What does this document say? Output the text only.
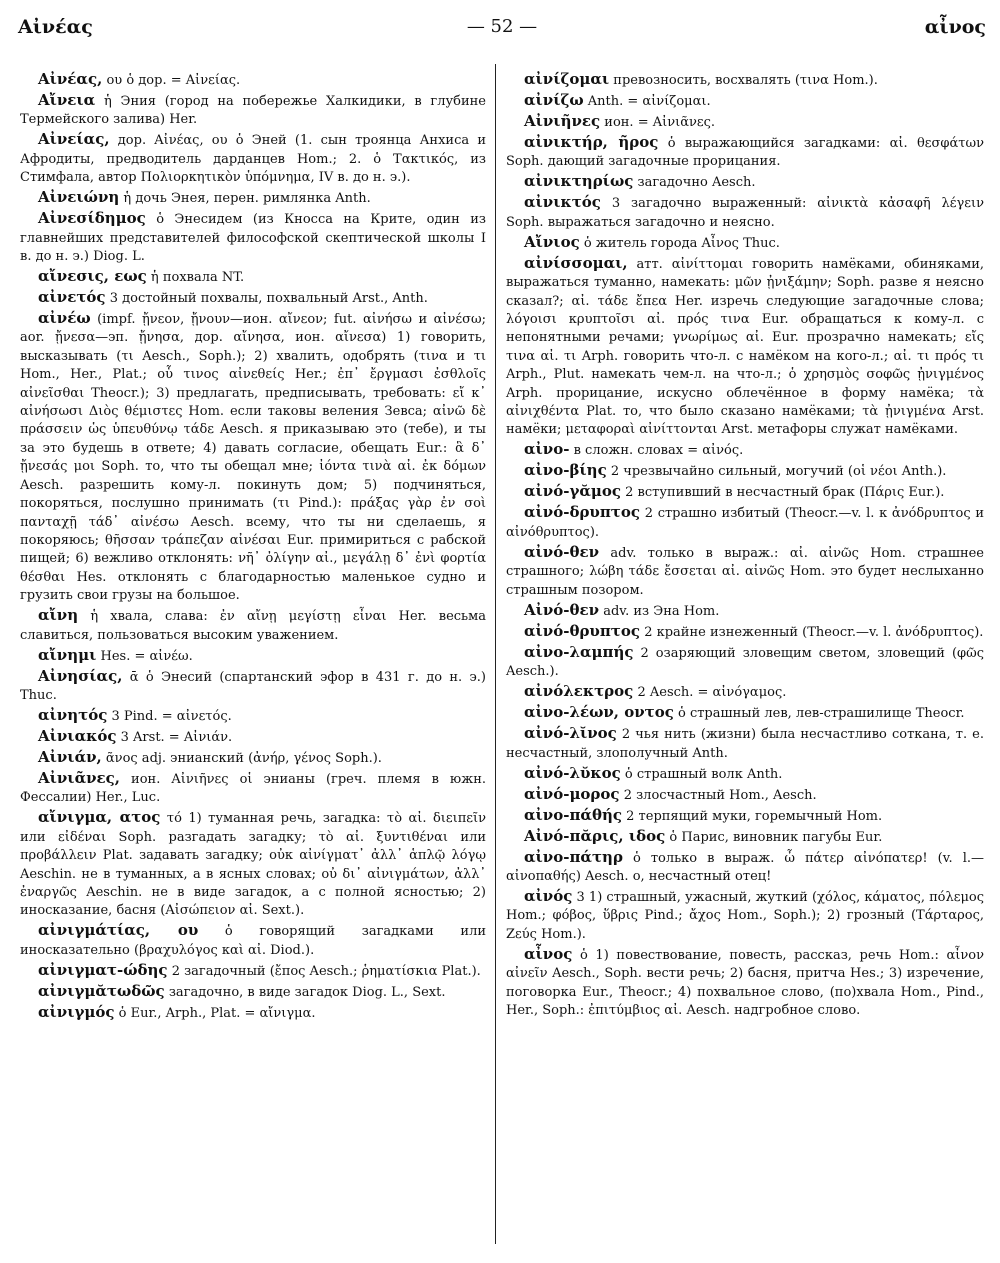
Αἰνέας	— 52 —	αἶνος

Αἰνέας, ου ὁ дор. = Αἰνείας.

Αἴνεια ἡ Эния (город на побережье Халкидики, в глубине Термейского залива) Her.

Αἰνείας, дор. Αἰνέας, ου ὁ Эней (1. сын троянца Анхиса и Афродиты, предводитель дарданцев Hom.; 2. ὁ Τακτικός, из Стимфала, автор Πολιορκητικὸν ὑπόμνημα, IV в. до н. э.).

Αἰνειώνη ἡ дочь Энея, перен. римлянка Anth.

Αἰνεσίδημος ὁ Энесидем (из Кносса на Крите, один из главнейших представителей философской скептической школы I в. до н. э.) Diog. L.

αἴνεσις, εως ἡ похвала NT.

αἰνετός 3 достойный похвалы, похвальный Arst., Anth.

αἰνέω (impf. ᾔνεον, ᾔνουν—ион. αἴνεον; fut. αἰνήσω и αἰνέσω; aor. ᾔνεσα—эп. ᾔνησα, дор. αἴνησα, ион. αἴνεσα) 1) говорить, высказывать (τι Aesch., Soph.); 2) хвалить, одобрять (τινα и τι Hom., Her., Plat.; οὗ τινος αἰνεθείς Her.; ἐπ᾽ ἔργμασι ἐσθλοῖς αἰνεῖσθαι Theocr.); 3) предлагать, предписывать, требовать: εἴ κ᾽ αἰνήσωσι Διὸς θέμιστες Hom. если таковы веления Зевса; αἰνῶ δὲ πράσσειν ὡς ὑπευθύνῳ τάδε Aesch. я приказываю это (тебе), и ты за это будешь в ответе; 4) давать согласие, обещать Eur.: ἃ δ᾽ ᾔνεσάς μοι Soph. то, что ты обещал мне; ἰόντα τινὰ αἰ. ἐκ δόμων Aesch. разрешить кому-л. покинуть дом; 5) подчиняться, покоряться, послушно принимать (τι Pind.): πράξας γὰρ ἐν σοὶ πανταχῇ τάδ᾽ αἰνέσω Aesch. всему, что ты ни сделаешь, я покоряюсь; θῆσσαν τράπεζαν αἰνέσαι Eur. примириться с рабской пищей; 6) вежливо отклонять: νῆ᾽ ὀλίγην αἰ., μεγάλῃ δ᾽ ἐνὶ φορτία θέσθαι Hes. отклонять с благодарностью маленькое судно и грузить свои грузы на большое.

αἴνη ἡ хвала, слава: ἐν αἴνῃ μεγίστῃ εἶναι Her. весьма славиться, пользоваться высоким уважением.

αἴνημι Hes. = αἰνέω.

Αἰνησίας, ᾱ ὁ Энесий (спартанский эфор в 431 г. до н. э.) Thuc.

αἰνητός 3 Pind. = αἰνετός.

Αἰνιακός 3 Arst. = Αἰνιάν.

Αἰνιάν, ᾶνος adj. энианский (ἀνήρ, γένος Soph.).

Αἰνιᾶνες, ион. Αἰνιῆνες οἱ энианы (греч. племя в южн. Фессалии) Her., Luc.

αἴνιγμα, ατος τό 1) туманная речь, загадка: τὸ αἰ. διειπεῖν или εἰδέναι Soph. разгадать загадку; τὸ αἰ. ξυντιθέναι или προβάλλειν Plat. задавать загадку; οὐκ αἰνίγματ᾽ ἀλλ᾽ ἁπλῷ λόγῳ Aeschin. не в туманных, а в ясных словах; οὐ δι᾽ αἰνιγμάτων, ἀλλ᾽ ἐναργῶς Aeschin. не в виде загадок, а с полной ясностью; 2) иносказание, басня (Αἰσώπειον αἰ. Sext.).

αἰνιγμάτίας, ου ὁ говорящий загадками или иносказательно (βραχυλόγος καὶ αἰ. Diod.).

αἰνιγματ-ώδης 2 загадочный (ἔπος Aesch.; ῥηματίσκια Plat.).

αἰνιγμᾰτωδῶς загадочно, в виде загадок Diog. L., Sext.

αἰνιγμός ὁ Eur., Arph., Plat. = αἴνιγμα.

αἰνίζομαι превозносить, восхвалять (τινα Hom.).

αἰνίζω Anth. = αἰνίζομαι.

Αἰνιῆνες ион. = Αἰνιᾶνες.

αἰνικτήρ, ῆρος ὁ выражающийся загадками: αἰ. θεσφάτων Soph. дающий загадочные прорицания.

αἰνικτηρίως загадочно Aesch.

αἰνικτός 3 загадочно выраженный: αἰνικτὰ κἀσαφῆ λέγειν Soph. выражаться загадочно и неясно.

Αἴνιος ὁ житель города Αἶνος Thuc.

αἰνίσσομαι, атт. αἰνίττομαι говорить намёками, обиняками, выражаться туманно, намекать: μῶν ᾐνιξάμην; Soph. разве я неясно сказал?; αἰ. τάδε ἔπεα Her. изречь следующие загадочные слова; λόγοισι κρυπτοῖσι αἰ. πρός τινα Eur. обращаться к кому-л. с непонятными речами; γνωρίμως αἰ. Eur. прозрачно намекать; εἴς τινα αἰ. τι Arph. говорить что-л. с намёком на кого-л.; αἰ. τι πρός τι Arph., Plut. намекать чем-л. на что-л.; ὁ χρησμὸς σοφῶς ᾐνιγμένος Arph. прорицание, искусно облечённое в форму намёка; τὰ αἰνιχθέντα Plat. то, что было сказано намёками; τὰ ᾐνιγμένα Arst. намёки; μεταφοραὶ αἰνίττονται Arst. метафоры служат намёками.

αἰνο- в сложн. словах = αἰνός.

αἰνο-βίης 2 чрезвычайно сильный, могучий (οἱ νέοι Anth.).

αἰνό-γᾰμος 2 вступивший в несчастный брак (Πάρις Eur.).

αἰνό-δρυπτος 2 страшно избитый (Theocr.—v. l. к ἀνόδρυπτος и αἰνόθρυπτος).

αἰνό-θεν adv. только в выраж.: αἰ. αἰνῶς Hom. страшнее страшного; λώβη τάδε ἔσσεται αἰ. αἰνῶς Hom. это будет неслыханно страшным позором.

Αἰνό-θεν adv. из Эна Hom.

αἰνό-θρυπτος 2 крайне изнеженный (Theocr.—v. l. ἀνόδρυπτος).

αἰνο-λαμπής 2 озаряющий зловещим светом, зловещий (φῶς Aesch.).

αἰνόλεκτρος 2 Aesch. = αἰνόγαμος.

αἰνο-λέων, οντος ὁ страшный лев, лев-страшилище Theocr.

αἰνό-λῐνος 2 чья нить (жизни) была несчастливо соткана, т. е. несчастный, злополучный Anth.

αἰνό-λῠκος ὁ страшный волк Anth.

αἰνό-μορος 2 злосчастный Hom., Aesch.

αἰνο-πάθής 2 терпящий муки, горемычный Hom.

Αἰνό-πᾰρις, ιδος ὁ Парис, виновник пагубы Eur.

αἰνο-πάτηρ ὁ только в выраж. ὦ πάτερ αἰνόπατερ! (v. l.—αἰνοπαθής) Aesch. о, несчастный отец!

αἰνός 3 1) страшный, ужасный, жуткий (χόλος, κάματος, πόλεμος Hom.; φόβος, ὕβρις Pind.; ἄχος Hom., Soph.); 2) грозный (Τάρταρος, Ζεύς Hom.).

αἶνος ὁ 1) повествование, повесть, рассказ, речь Hom.: αἶνον αἰνεῖν Aesch., Soph. вести речь; 2) басня, притча Hes.; 3) изречение, поговорка Eur., Theocr.; 4) похвальное слово, (по)хвала Hom., Pind., Her., Soph.: ἐπιτύμβιος αἰ. Aesch. надгробное слово.
